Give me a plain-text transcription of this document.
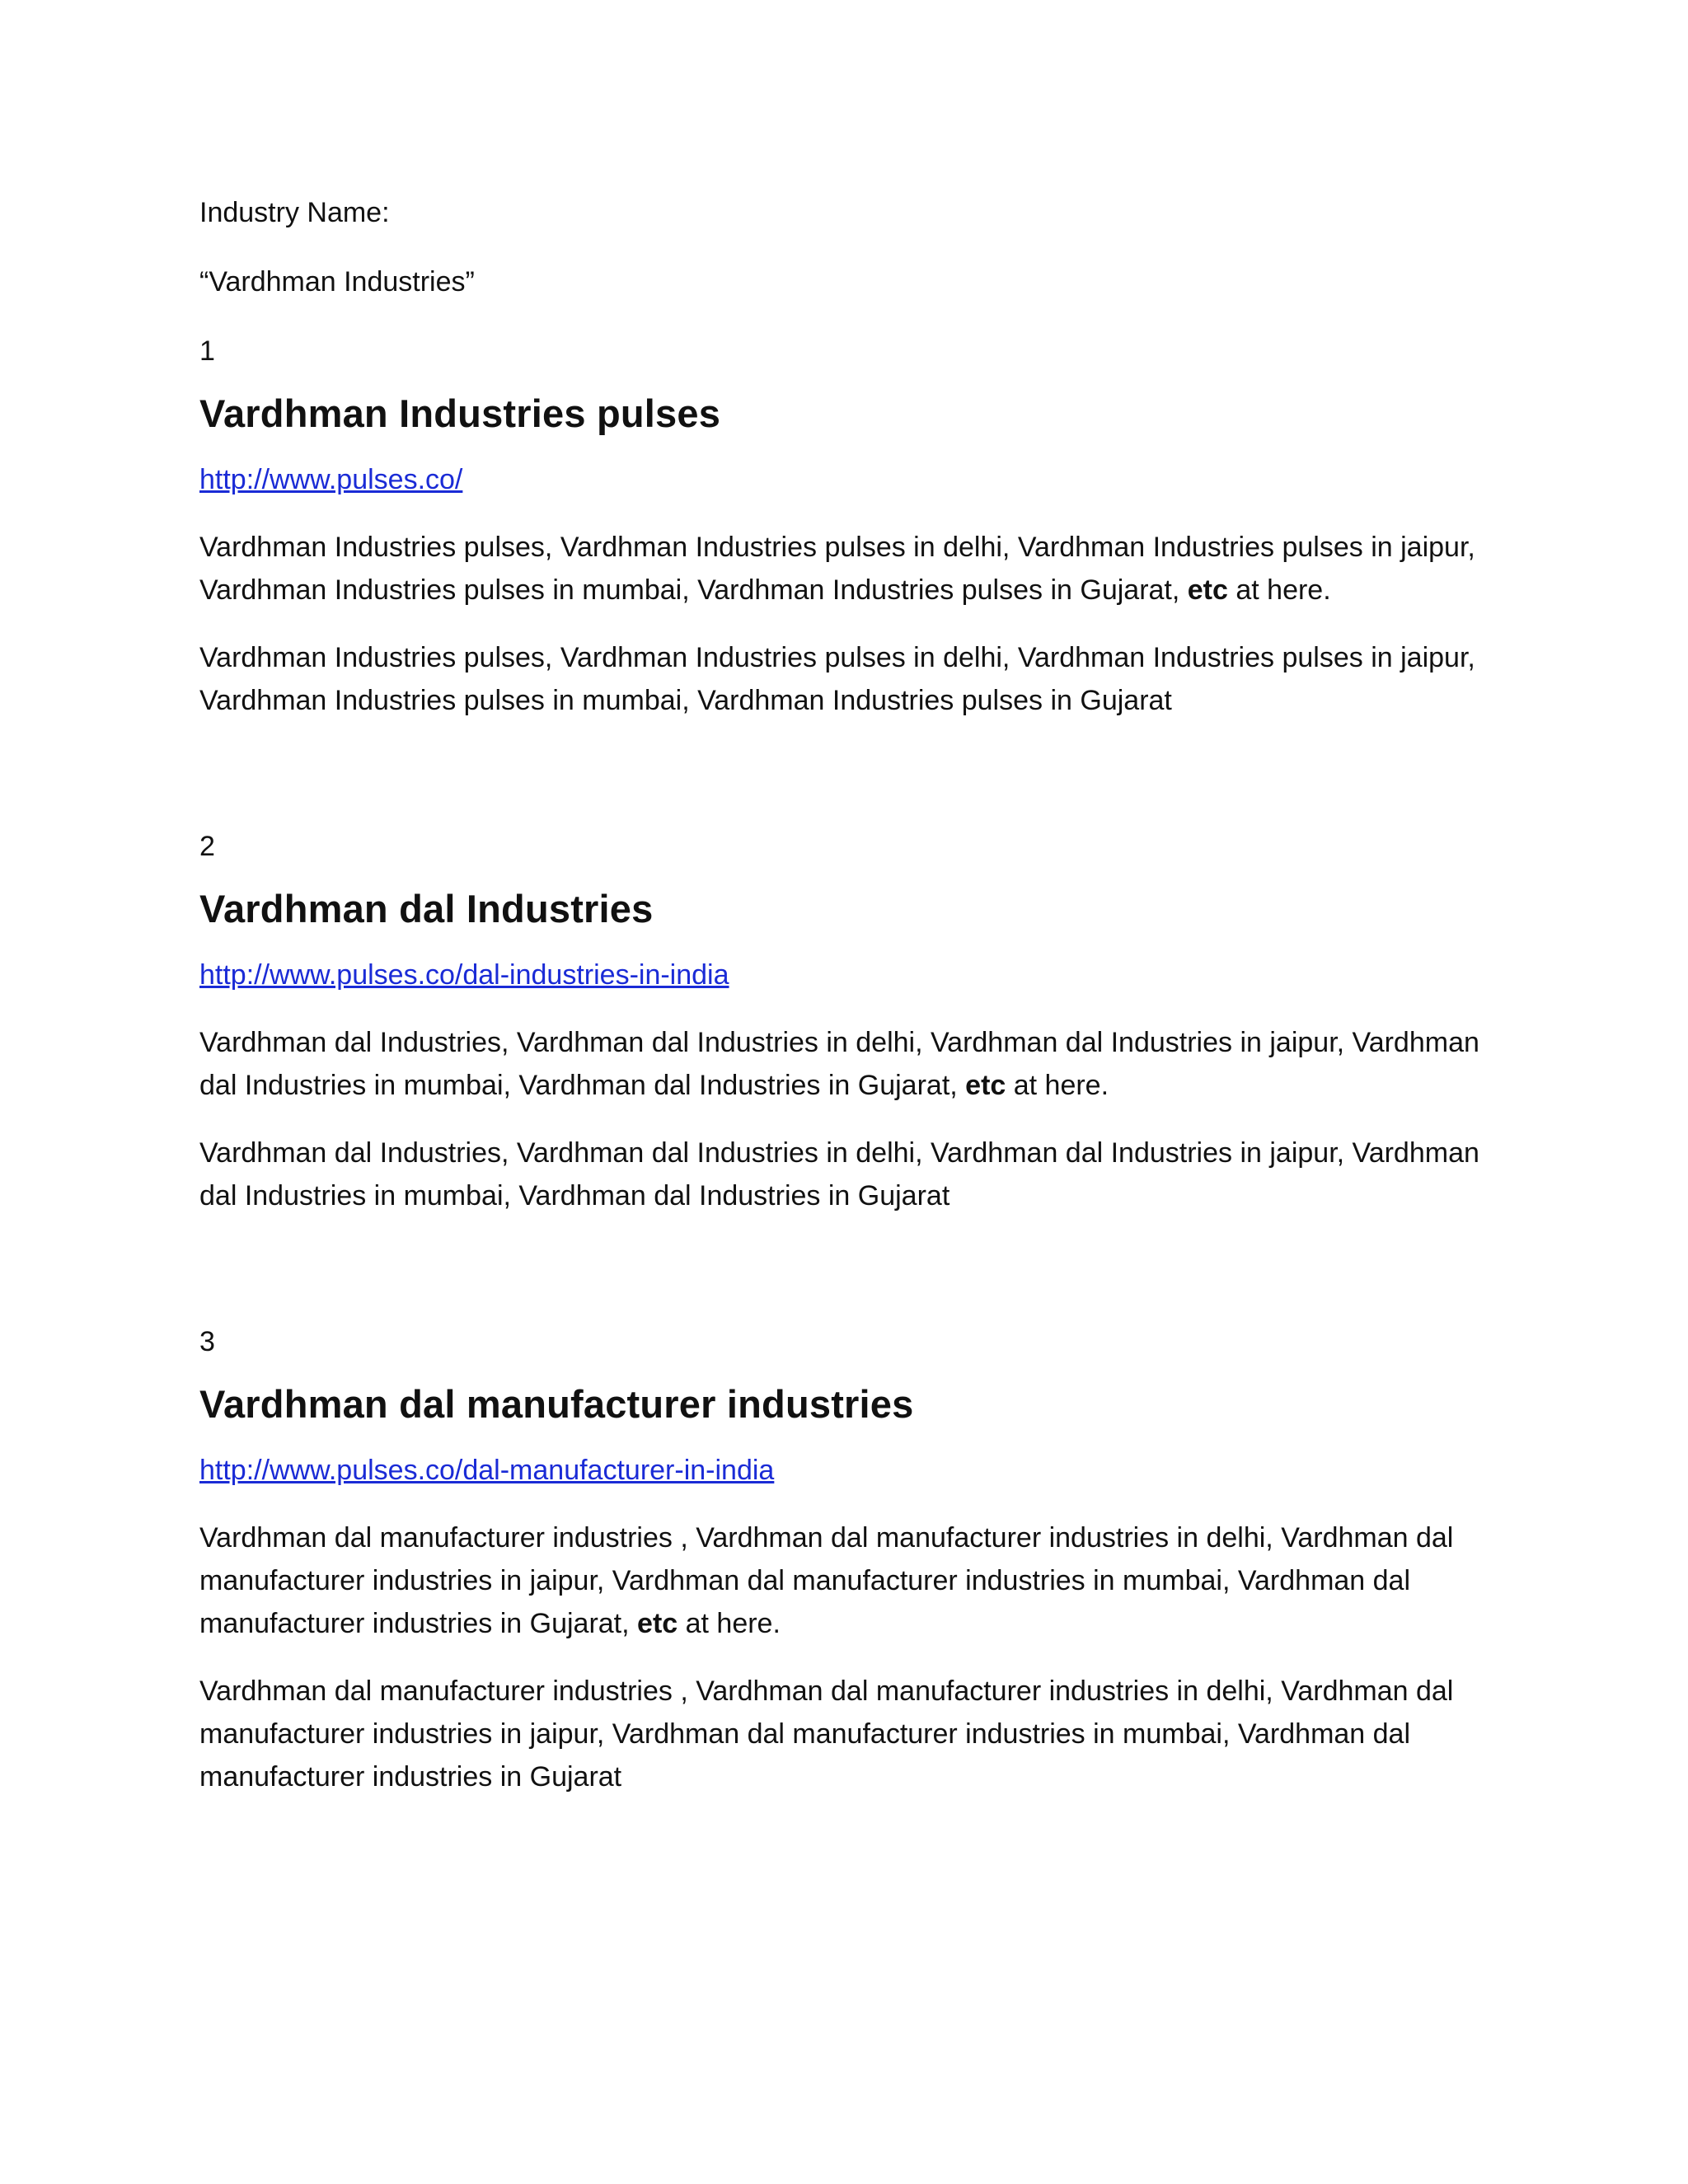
Industry Name:

“Vardhman Industries”

1

Vardhman Industries pulses
http://www.pulses.co/

Vardhman Industries pulses, Vardhman Industries pulses in delhi, Vardhman Industries pulses in jaipur, Vardhman Industries pulses in mumbai, Vardhman Industries pulses in Gujarat, etc at here.

Vardhman Industries pulses, Vardhman Industries pulses in delhi, Vardhman Industries pulses in jaipur, Vardhman Industries pulses in mumbai, Vardhman Industries pulses in Gujarat

2

Vardhman dal Industries
http://www.pulses.co/dal-industries-in-india

Vardhman dal Industries, Vardhman dal Industries in delhi, Vardhman dal Industries in jaipur, Vardhman dal Industries in mumbai, Vardhman dal Industries in Gujarat, etc at here.

Vardhman dal Industries, Vardhman dal Industries in delhi, Vardhman dal Industries in jaipur, Vardhman dal Industries in mumbai, Vardhman dal Industries in Gujarat

3

Vardhman dal manufacturer industries
http://www.pulses.co/dal-manufacturer-in-india

Vardhman dal manufacturer industries , Vardhman dal manufacturer industries in delhi, Vardhman dal manufacturer industries in jaipur, Vardhman dal manufacturer industries in mumbai, Vardhman dal manufacturer industries in Gujarat, etc at here.

Vardhman dal manufacturer industries , Vardhman dal manufacturer industries in delhi, Vardhman dal manufacturer industries in jaipur, Vardhman dal manufacturer industries in mumbai, Vardhman dal manufacturer industries in Gujarat
